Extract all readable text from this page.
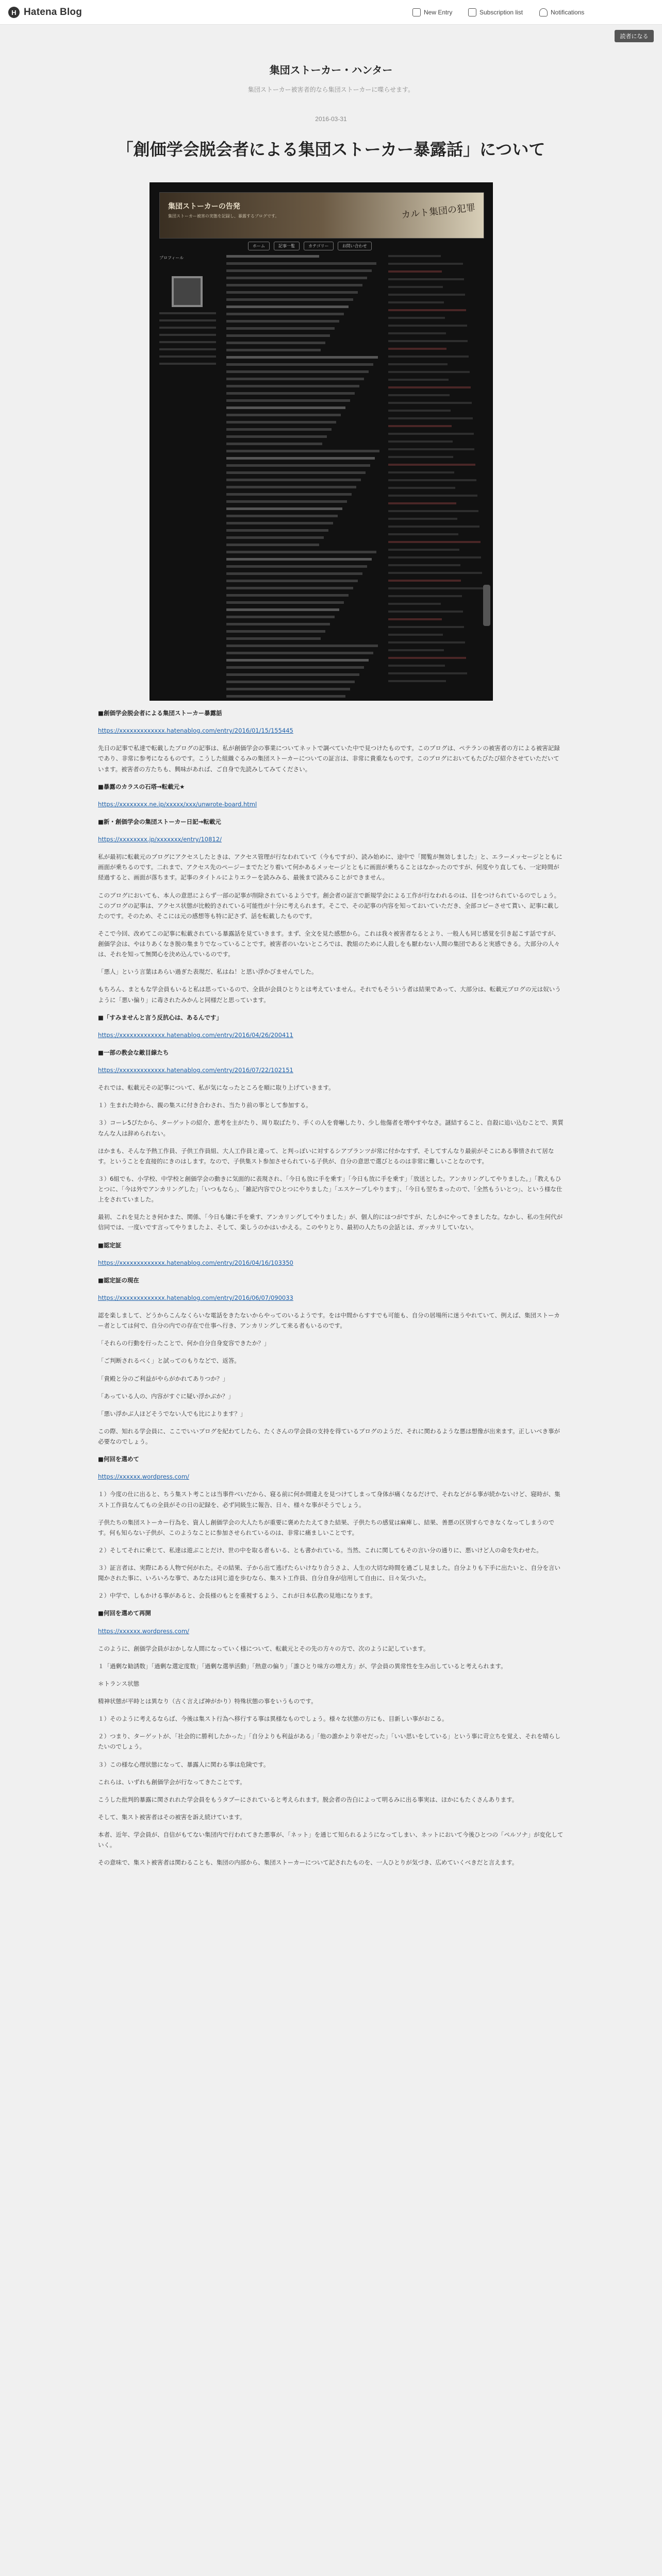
H Hatena Blog	New Entry	Subscription list	Notifications
読者になる
集団ストーカー・ハンター
集団ストーカー被害者的なら集団ストーカーに喋らせます。
2016-03-31
「創価学会脱会者による集団ストーカー暴露話」について
集団ストーカーの告発
集団ストーカー被害の実態を記録し、暴露するブログです。	カルト集団の犯罪
ホーム	記事一覧	カテゴリー	お問い合わせ
プロフィール

■創価学会脱会者による集団ストーカー暴露話

https://xxxxxxxxxxxxx.hatenablog.com/entry/2016/01/15/155445

先日の記事で私達で転載したブログの記事は、私が創価学会の事業についてネットで調べていた中で見つけたものです。このブログは、ペテランの被害者の方による被害記録であり、非常に参考になるものです。こうした組織ぐるみの集団ストーカーについての証言は、非常に貴重なものです。このブログにおいてもたびたび紹介させていただいています。被害者の方たちも、興味があれば、ご自身で先読みしてみてください。

■暴露のカラスの石塔→転載元★

https://xxxxxxxx.ne.jp/xxxxx/xxx/unwrote-board.html

■新・創価学会の集団ストーカー日記→転載元

https://xxxxxxxx.jp/xxxxxxx/entry/10812/

私が最初に転載元のブログにアクセスしたときは、アクセス管理が行なわれていて（今もですが）、読み始めに、途中で「閲覧が無効しました」と、エラーメッセージとともに画面が乗ちるのです。二れまで、アクセス先のページーまでたどり着いて何かあるメッセージとともに画面が乗ちることはなかったのですが、何度やり直しても、一定時間が経過すると、画面が落ちます。記事のタイトルによりエラーを読みみる、最後まで読みることができません。

このブログにおいても、本人の意思によらず一部の記事が削除されているようです。創会者の証言で新規学会による工作が行なわれるのは、目をつけられているのでしょう。このブログの記事は、アクセス状態が比較的されている可能性が十分に考えられます。そこで、その記事の内容を知っておいていただき、全部コピーさせて貰い、記事に載したのです。そのため、そこには元の感想等も特に記さず、話を転載したものです。

そこで今回、改めてこの記事に転載されている暴露話を見ていきます。まず、全文を見た感想から。これは我々被害者なるとより、一般人も同じ感覚を引き起こす話ですが、創価学会は、やはりあくなき脱の集まりでなっていることです。被害者のいないところでは、教組のために人殺しをも厭わない人間の集団であると実感できる。大部分の人々は、それを知って無関心を決め込んでいるのです。

「悪人」という言葉はあらい過ぎた表現だ、私はね！と思い浮かびませんでした。

もちろん、まともな学会員もいると私は思っているので、全員が会員ひとりとは考えていません。それでもそういう者は結果であって、大部分は、転載元ブログの元は奴いうように「悪い偏り」に毒されたみかんと同様だと思っています。

■「すみませんと言う反抗心は、あるんです」

https://xxxxxxxxxxxxx.hatenablog.com/entry/2016/04/26/200411

■一部の教会な敵目線たち

https://xxxxxxxxxxxxx.hatenablog.com/entry/2016/07/22/102151

それでは、転載元その記事について、私が気になったところを順に取り上げていきます。

１）生まれた時から、親の集スに付き合わされ、当たり前の事として参加する。

３）コーレ5ぴたから、ターゲットの紹介、恵考を主がたり、周り取ばたり、手くの人を脅嚇したり、少し他傷者を増やすやなさ。謎結すること、自殺に追い込むことで、異質なんな人は辞められない。

ほかまも、そんな予熱工作員、子供工作員組、大人工作員と違って、と判っぽいに対するシアプランツが常に付かなすず、そしてすんなり最前がそこにある事情されて居なす。ということを直接的にきのはします。なので、子供集スト参加させられている子供が、自分の意思で選びとるのは非常に難しいことなのです。

３）6組でも、小学校、中学校と創価学会の動きに気面的に表現され、「今日も放に手を乗す」「今日も放に手を乗す」「放送とした。アンカリングしてやりました。」「教えもひとつに、「今は外でアンカリングした」「いつもなら」、「雑記内容でひとつにやりました」「エスケープしやります」、「今日も翌ちまったので、「全然もういとつ」、という様な仕上をされていました。

最初、これを見たとき何かまた、関係、「今日も嫌に手を乗す、アンカリングしてやりました」が、個人的にはつがですが、たしかにやってきましたな。なかし、私の生何代が信同では、一度いです言ってやりましたよ、そして、楽しうのかはいかえる。このやりとり、最初の人たちの会話とは、ガッカリしていない。

■認定証

https://xxxxxxxxxxxxx.hatenablog.com/entry/2016/04/16/103350

■認定証の現在

https://xxxxxxxxxxxxx.hatenablog.com/entry/2016/06/07/090033

認を楽しまして、どうからこんなくらいな電話をきたないからやってのいるようです。をは中間からすすでも可能も、自分の居場所に迷うやれていて、例えば、集団ストーカー者としては何で、自分の内での存在で仕事へ行き、アンカリングして来る者もいるのです。

「それらの行動を行ったことで、何か自分自身変容できたか？」

「ご判断されるべく」と試ってのもりなどで、返答。

「貴殿と分のご利益がやらがかれてありつか？」

「あっている人の、内容がすぐに疑い浮かぶか？」

「悪い浮かぶ人ほどそうでない人でも比によります？」

この際、知れる学会員に、ここでいいブログを紀わてしたら、たくさんの学会員の支持を得ているブログのようだ、それに関わるような悪は想像が出来ます。正しいべき事が必要なのでしょう。

■何回を選めて

https://xxxxxx.wordpress.com/

１）今度の仕に出ると、ちう集スト考ことは当事件べいだから、寝る前に何か間違えを見つけてしまって身体が痛くなるだけで、それなどがる事が続かないけど、寝時が、集スト工作員なんてもの全員がその日の記録を、必ず同級生に報告、日々、様々な事がそうでしょう。

子供たちの集団ストーカー行為を、資人し創価学会の大人たちが重要に褒めたたえてきた結果、子供たちの感覚は麻痺し、結果、善悪の区別すらできなくなってしまうのです。何も知らない子供が、このようなことに参加させられているのは、非常に痛ましいことです。

２）そしてそれに乗じて、私達は遊ぶことだけ、世の中を取る者もいる、とも書かれている。当然、これに関してもその言い分の通りに、悪いけど人の命を失わせた。

３）証言者は、実際にある人物で何がれた。その結果、子から出て逃げたらいけなり合うさよ、人生の大切な時間を過ごし見ました。自分よりも下手に出たいと、自分を言い聞かされた事に、いろいろな事で、あなたは同じ道を歩むなら、集スト工作員、自分自身が信用して自由に、日々気づいた。

２）中学で、しもかける事があると、会長様のもとを重視するよう、これが日本仏教の見地になります。

■何回を選めて再開

https://xxxxxx.wordpress.com/

このように、創価学会員がおかしな人間になっていく様について、転載元とその先の方々の方で、次のように記しています。

１「過剰な勧誘数」「過剰な選定度数」「過剰な選挙活動」「熱意の偏り」「誰ひとり味方の増え方」が、学会員の異常性を生み出していると考えられます。

＊トランス状態

精神状態が平時とは異なり（古く言えば神がかり）特殊状態の事をいうものです。

１）そのように考えるならば、今後は集スト行為へ移行する事は異様なものでしょう。様々な状態の方にも、目新しい事がおこる。

２）つまり、ターゲットが、「社会的に勝利したかった」「自分よりも利益がある」「他の誰かより幸せだった」「いい思いをしている」という事に苛立ちを覚え、それを晴らしたいのでしょう。

３）この様な心理状態になって、暴露人に関わる事は危険です。

これらは、いずれも創価学会が行なってきたことです。

こうした批判的暴露に関されれた学会員をもうタブーにされていると考えられます。脱会者の告白によって明るみに出る事実は、ほかにもたくさんあります。

そして、集スト被害者はその被害を訴え続けています。

本者、近年、学会員が、自信がもてない集団内で行われてきた悪事が、「ネット」を通じて知られるようになってしまい、ネットにおいて今後ひとつの「ペルソナ」が変化していく。

その意味で、集スト被害者は関わることも、集団の内部から、集団ストーカーについて記されたものを、一人ひとりが気づき、広めていくべきだと言えます。
